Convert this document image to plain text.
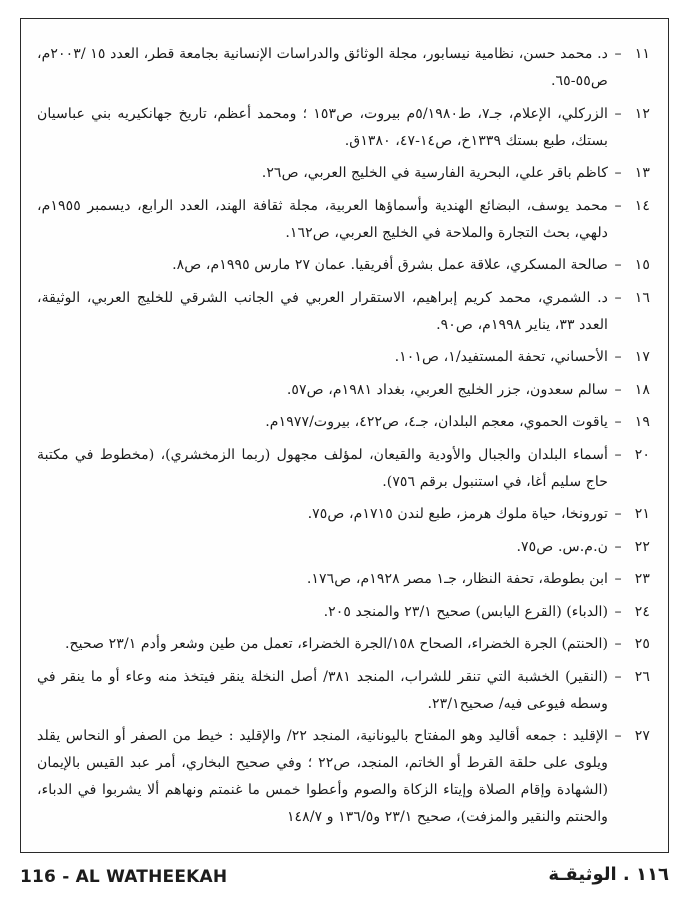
١١
–
د. محمد حسن، نظامية نيسابور، مجلة الوثائق والدراسات الإنسانية بجامعة قطر، العدد ١٥ /٢٠٠٣م، ص٥٥-٦٥.
١٢
–
الزركلي، الإعلام، جـ٧، ط٥/١٩٨٠م بيروت، ص١٥٣ ؛ ومحمد أعظم، تاريخ جهانكيريه بني عباسيان بستك، طبع بستك ١٣٣٩خ، ص١٤-٤٧، ١٣٨٠ق.
١٣
–
كاظم باقر علي، البحرية الفارسية في الخليج العربي، ص٢٦.
١٤
–
محمد يوسف، البضائع الهندية وأسماؤها العربية، مجلة ثقافة الهند، العدد الرابع، ديسمبر ١٩٥٥م، دلهي، بحث التجارة والملاحة في الخليج العربي، ص١٦٢.
١٥
–
صالحة المسكري، علاقة عمل بشرق أفريقيا. عمان ٢٧ مارس ١٩٩٥م، ص٨.
١٦
–
د. الشمري، محمد كريم إبراهيم، الاستقرار العربي في الجانب الشرقي للخليج العربي، الوثيقة، العدد ٣٣، يناير ١٩٩٨م، ص٩٠.
١٧
–
الأحساني، تحفة المستفيد/١، ص١٠١.
١٨
–
سالم سعدون، جزر الخليج العربي، بغداد ١٩٨١م، ص٥٧.
١٩
–
ياقوت الحموي، معجم البلدان، جـ٤، ص٤٢٢، بيروت/١٩٧٧م.
٢٠
–
أسماء البلدان والجبال والأودية والقيعان، لمؤلف مجهول (ربما الزمخشري)، (مخطوط في مكتبة حاج سليم أغا، في استنبول برقم ٧٥٦).
٢١
–
تورونخا، حياة ملوك هرمز، طبع لندن ١٧١٥م، ص٧٥.
٢٢
–
ن.م.س. ص٧٥.
٢٣
–
ابن بطوطة، تحفة النظار، جـ١ مصر ١٩٢٨م، ص١٧٦.
٢٤
–
(الدباء) (القرع اليابس) صحيح ٢٣/١ والمنجد ٢٠٥.
٢٥
–
(الحنتم) الجرة الخضراء، الصحاح ١٥٨/الجرة الخضراء، تعمل من طين وشعر وأدم ٢٣/١ صحيح.
٢٦
–
(النقير) الخشبة التي تنقر للشراب، المنجد ٣٨١/ أصل النخلة ينقر فيتخذ منه وعاء أو ما ينقر في وسطه فيوعى فيه/ صحيح٢٣/١.
٢٧
–
الإقليد : جمعه أقاليد وهو المفتاح باليونانية، المنجد ٢٢/ والإقليد : خيط من الصفر أو النحاس يقلد ويلوى على حلقة القرط أو الخاتم، المنجد، ص٢٢ ؛ وفي صحيح البخاري، أمر عبد القيس بالإيمان (الشهادة وإقام الصلاة وإيتاء الزكاة والصوم وأعطوا خمس ما غنمتم ونهاهم ألا يشربوا في الدباء، والحنتم والنقير والمزفت)، صحيح ٢٣/١ و١٣٦/٥ و ١٤٨/٧
116 - AL WATHEEKAH	١١٦ . الوثيقـة
